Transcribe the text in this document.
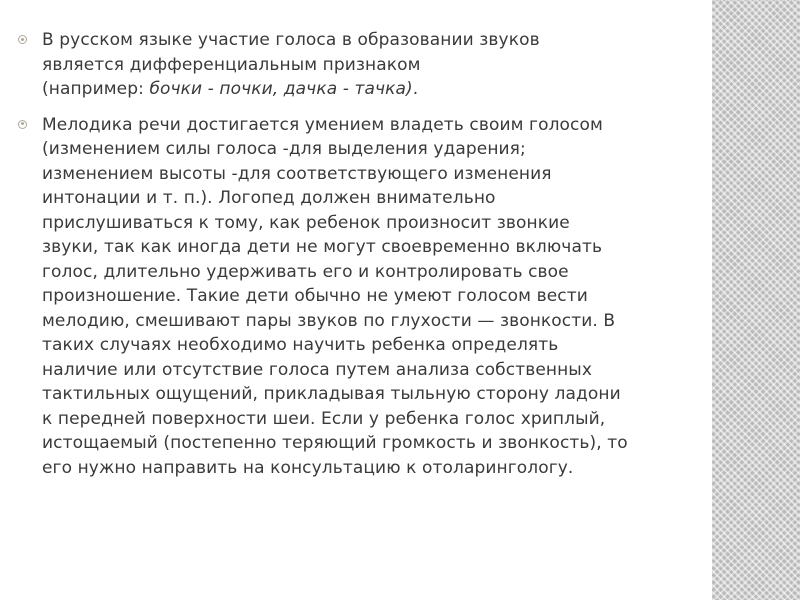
В русском языке участие голоса в образовании звуков
является дифференциальным признаком
(например: бочки - почки, дачка - тачка).
Мелодика речи достигается умением владеть своим голосом
(изменением силы голоса -для выделения ударения;
изменением высоты -для соответствующего изменения
интонации и т. п.). Логопед должен внимательно
прислушиваться к тому, как ребенок произносит звонкие
звуки, так как иногда дети не могут своевременно включать
голос, длительно удерживать его и контролировать свое
произношение. Такие дети обычно не умеют голосом вести
мелодию, смешивают пары звуков по глухости — звонкости. В
таких случаях необходимо научить ребенка определять
наличие или отсутствие голоса путем анализа собственных
тактильных ощущений, прикладывая тыльную сторону ладони
к передней поверхности шеи. Если у ребенка голос хриплый,
истощаемый (постепенно теряющий громкость и звонкость), то
его нужно направить на консультацию к отоларингологу.
